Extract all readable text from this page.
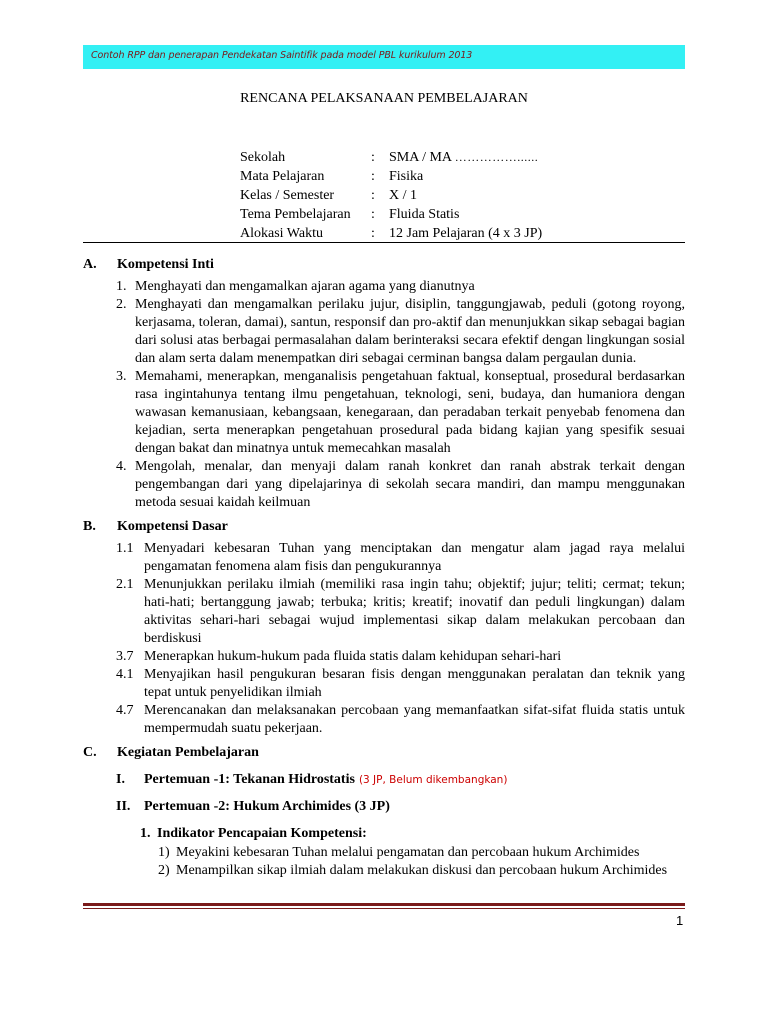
Contoh RPP dan penerapan Pendekatan Saintifik pada model PBL kurikulum 2013
RENCANA PELAKSANAAN PEMBELAJARAN
Sekolah	:	SMA / MA ……………......
Mata Pelajaran	:	Fisika
Kelas / Semester	:	X / 1
Tema Pembelajaran	:	Fluida Statis
Alokasi Waktu	:	12 Jam Pelajaran (4 x 3 JP)
A.	Kompetensi Inti
1. Menghayati dan mengamalkan ajaran agama yang dianutnya
2. Menghayati dan mengamalkan perilaku jujur, disiplin, tanggungjawab, peduli (gotong royong, kerjasama, toleran, damai), santun, responsif dan pro-aktif dan menunjukkan sikap sebagai bagian dari solusi atas berbagai permasalahan dalam berinteraksi secara efektif dengan lingkungan sosial dan alam serta dalam menempatkan diri sebagai cerminan bangsa dalam pergaulan dunia.
3. Memahami, menerapkan, menganalisis pengetahuan faktual, konseptual, prosedural berdasarkan rasa ingintahunya tentang ilmu pengetahuan, teknologi, seni, budaya, dan humaniora dengan wawasan kemanusiaan, kebangsaan, kenegaraan, dan peradaban terkait penyebab fenomena dan kejadian, serta menerapkan pengetahuan prosedural pada bidang kajian yang spesifik sesuai dengan bakat dan minatnya untuk memecahkan masalah
4. Mengolah, menalar, dan menyaji dalam ranah konkret dan ranah abstrak terkait dengan pengembangan dari yang dipelajarinya di sekolah secara mandiri, dan mampu menggunakan metoda sesuai kaidah keilmuan
B.	Kompetensi Dasar
1.1 Menyadari kebesaran Tuhan yang menciptakan dan mengatur alam jagad raya melalui pengamatan fenomena alam fisis dan pengukurannya
2.1 Menunjukkan perilaku ilmiah (memiliki rasa ingin tahu; objektif; jujur; teliti; cermat; tekun; hati-hati; bertanggung jawab; terbuka; kritis; kreatif; inovatif dan peduli lingkungan) dalam aktivitas sehari-hari sebagai wujud implementasi sikap dalam melakukan percobaan dan berdiskusi
3.7 Menerapkan hukum-hukum pada fluida statis dalam kehidupan sehari-hari
4.1 Menyajikan hasil pengukuran besaran fisis dengan menggunakan peralatan dan teknik yang tepat untuk penyelidikan ilmiah
4.7 Merencanakan dan melaksanakan percobaan yang memanfaatkan sifat-sifat fluida statis untuk mempermudah suatu pekerjaan.
C.	Kegiatan Pembelajaran
I.	Pertemuan -1: Tekanan Hidrostatis (3 JP, Belum dikembangkan)
II. Pertemuan -2: Hukum Archimides (3 JP)
1. Indikator Pencapaian Kompetensi:
1) Meyakini kebesaran Tuhan melalui pengamatan dan percobaan hukum Archimides
2) Menampilkan sikap ilmiah dalam melakukan diskusi dan percobaan hukum Archimides
1
